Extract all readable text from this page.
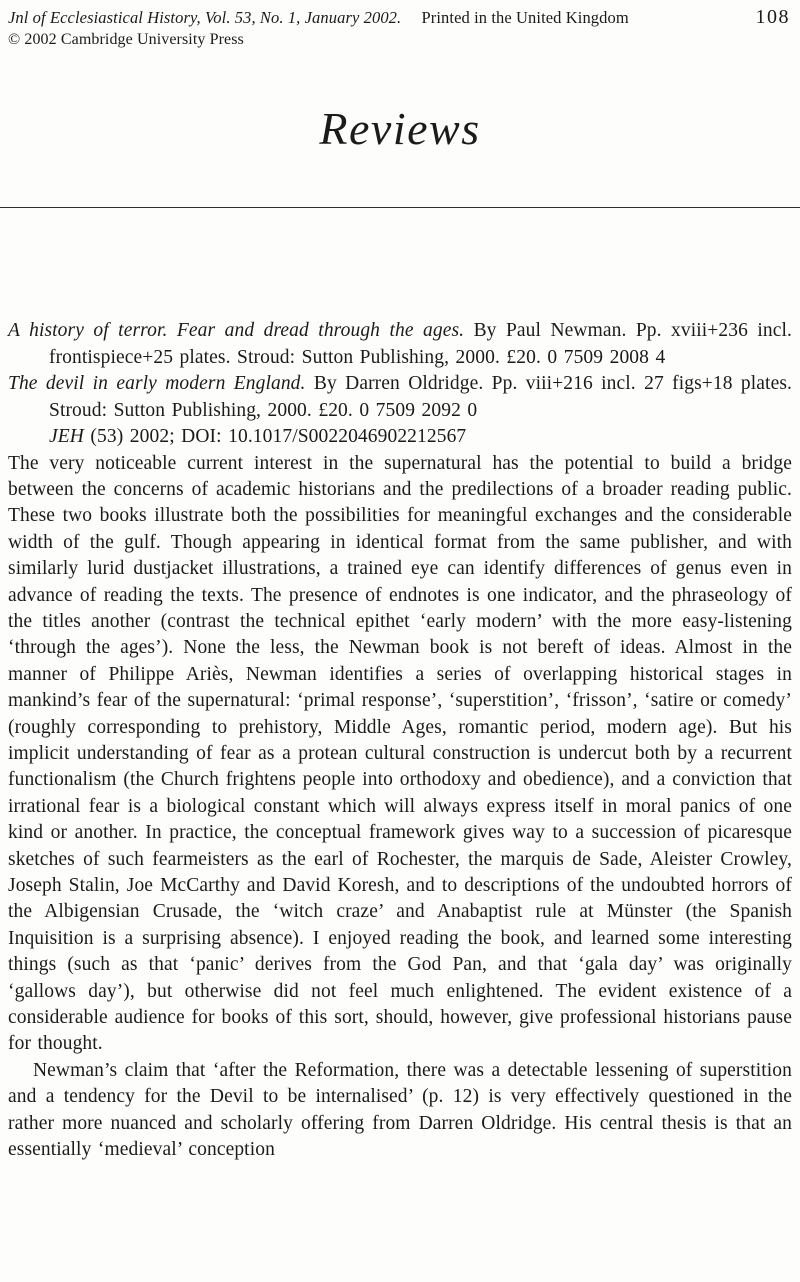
Jnl of Ecclesiastical History, Vol. 53, No. 1, January 2002. Printed in the United Kingdom
© 2002 Cambridge University Press
108
Reviews

A history of terror. Fear and dread through the ages. By Paul Newman. Pp. xviii+236 incl. frontispiece+25 plates. Stroud: Sutton Publishing, 2000. £20. 0 7509 2008 4

The devil in early modern England. By Darren Oldridge. Pp. viii+216 incl. 27 figs+18 plates. Stroud: Sutton Publishing, 2000. £20. 0 7509 2092 0

JEH (53) 2002; DOI: 10.1017/S0022046902212567

The very noticeable current interest in the supernatural has the potential to build a bridge between the concerns of academic historians and the predilections of a broader reading public. These two books illustrate both the possibilities for meaningful exchanges and the considerable width of the gulf. Though appearing in identical format from the same publisher, and with similarly lurid dustjacket illustrations, a trained eye can identify differences of genus even in advance of reading the texts. The presence of endnotes is one indicator, and the phraseology of the titles another (contrast the technical epithet ‘early modern’ with the more easy-listening ‘through the ages’). None the less, the Newman book is not bereft of ideas. Almost in the manner of Philippe Ariès, Newman identifies a series of overlapping historical stages in mankind’s fear of the supernatural: ‘primal response’, ‘superstition’, ‘frisson’, ‘satire or comedy’ (roughly corresponding to prehistory, Middle Ages, romantic period, modern age). But his implicit understanding of fear as a protean cultural construction is undercut both by a recurrent functionalism (the Church frightens people into orthodoxy and obedience), and a conviction that irrational fear is a biological constant which will always express itself in moral panics of one kind or another. In practice, the conceptual framework gives way to a succession of picaresque sketches of such fearmeisters as the earl of Rochester, the marquis de Sade, Aleister Crowley, Joseph Stalin, Joe McCarthy and David Koresh, and to descriptions of the undoubted horrors of the Albigensian Crusade, the ‘witch craze’ and Anabaptist rule at Münster (the Spanish Inquisition is a surprising absence). I enjoyed reading the book, and learned some interesting things (such as that ‘panic’ derives from the God Pan, and that ‘gala day’ was originally ‘gallows day’), but otherwise did not feel much enlightened. The evident existence of a considerable audience for books of this sort, should, however, give professional historians pause for thought.

Newman’s claim that ‘after the Reformation, there was a detectable lessening of superstition and a tendency for the Devil to be internalised’ (p. 12) is very effectively questioned in the rather more nuanced and scholarly offering from Darren Oldridge. His central thesis is that an essentially ‘medieval’ conception
